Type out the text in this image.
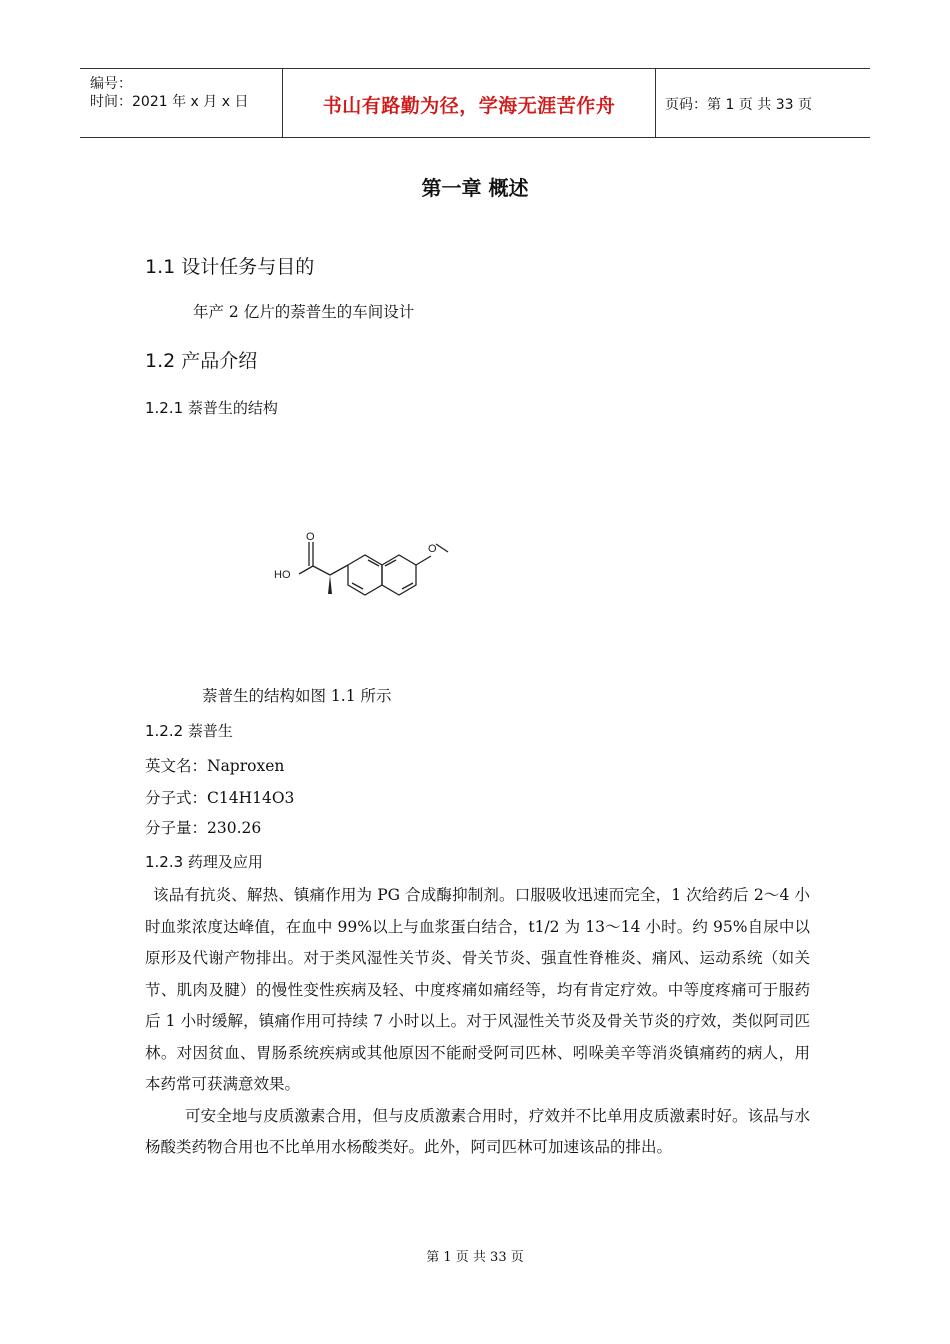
编号：
时间：2021 年 x 月 x 日	书山有路勤为径，学海无涯苦作舟	页码：第 1 页 共 33 页
第一章 概述
1.1 设计任务与目的
年产 2 亿片的萘普生的车间设计
1.2 产品介绍
1.2.1 萘普生的结构
HO
O
O
萘普生的结构如图 1.1 所示
1.2.2 萘普生
英文名：Naproxen
分子式：C14H14O3
分子量：230.26
1.2.3 药理及应用

该品有抗炎、解热、镇痛作用为 PG 合成酶抑制剂。口服吸收迅速而完全，1 次给药后 2～4 小时血浆浓度达峰值，在血中 99%以上与血浆蛋白结合，t1/2 为 13～14 小时。约 95%自尿中以原形及代谢产物排出。对于类风湿性关节炎、骨关节炎、强直性脊椎炎、痛风、运动系统（如关节、肌肉及腱）的慢性变性疾病及轻、中度疼痛如痛经等，均有肯定疗效。中等度疼痛可于服药后 1 小时缓解，镇痛作用可持续 7 小时以上。对于风湿性关节炎及骨关节炎的疗效，类似阿司匹林。对因贫血、胃肠系统疾病或其他原因不能耐受阿司匹林、吲哚美辛等消炎镇痛药的病人，用本药常可获满意效果。

可安全地与皮质激素合用，但与皮质激素合用时，疗效并不比单用皮质激素时好。该品与水杨酸类药物合用也不比单用水杨酸类好。此外，阿司匹林可加速该品的排出。

第 1 页 共 33 页
